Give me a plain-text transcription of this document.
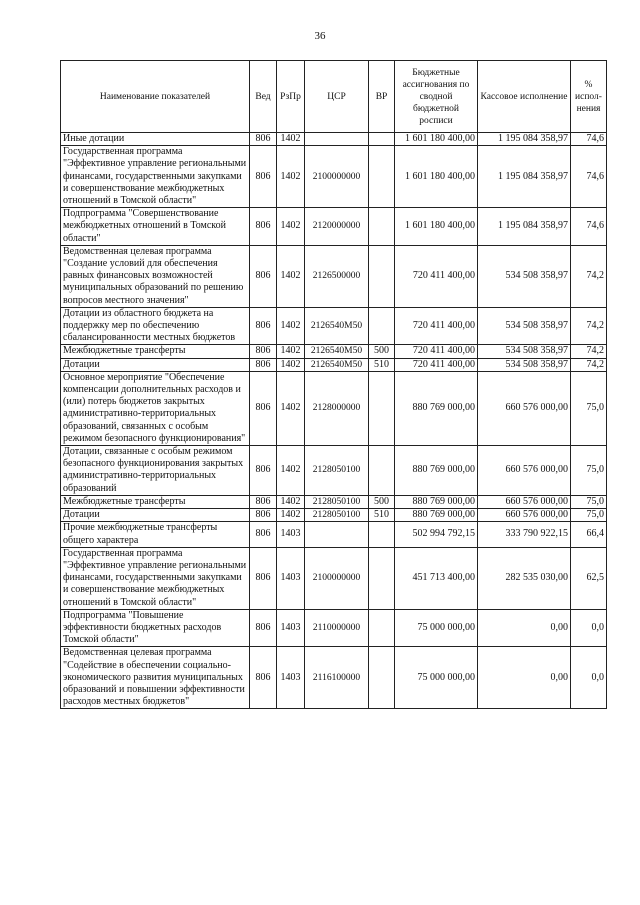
36
Наименование показателей	Вед	РзПр	ЦСР	ВР	Бюджетные ассигнования по сводной бюджетной росписи	Кассовое исполнение	% испол-нения
Иные дотации	806	1402			1 601 180 400,00	1 195 084 358,97	74,6
Государственная программа "Эффективное управление региональными финансами, государственными закупками и совершенствование межбюджетных отношений в Томской области"	806	1402	2100000000		1 601 180 400,00	1 195 084 358,97	74,6
Подпрограмма "Совершенствование межбюджетных отношений в Томской области"	806	1402	2120000000		1 601 180 400,00	1 195 084 358,97	74,6
Ведомственная целевая программа "Создание условий для обеспечения равных финансовых возможностей муниципальных образований по решению вопросов местного значения"	806	1402	2126500000		720 411 400,00	534 508 358,97	74,2
Дотации из областного бюджета на поддержку мер по обеспечению сбалансированности местных бюджетов	806	1402	2126540М50		720 411 400,00	534 508 358,97	74,2
Межбюджетные трансферты	806	1402	2126540М50	500	720 411 400,00	534 508 358,97	74,2
Дотации	806	1402	2126540М50	510	720 411 400,00	534 508 358,97	74,2
Основное мероприятие "Обеспечение компенсации дополнительных расходов и (или) потерь бюджетов закрытых административно-территориальных образований, связанных с особым режимом безопасного функционирования"	806	1402	2128000000		880 769 000,00	660 576 000,00	75,0
Дотации, связанные с особым режимом безопасного функционирования закрытых административно-территориальных образований	806	1402	2128050100		880 769 000,00	660 576 000,00	75,0
Межбюджетные трансферты	806	1402	2128050100	500	880 769 000,00	660 576 000,00	75,0
Дотации	806	1402	2128050100	510	880 769 000,00	660 576 000,00	75,0
Прочие межбюджетные трансферты общего характера	806	1403			502 994 792,15	333 790 922,15	66,4
Государственная программа "Эффективное управление региональными финансами, государственными закупками и совершенствование межбюджетных отношений в Томской области"	806	1403	2100000000		451 713 400,00	282 535 030,00	62,5
Подпрограмма "Повышение эффективности бюджетных расходов Томской области"	806	1403	2110000000		75 000 000,00	0,00	0,0
Ведомственная целевая программа "Содействие в обеспечении социально-экономического развития муниципальных образований и повышении эффективности расходов местных бюджетов"	806	1403	2116100000		75 000 000,00	0,00	0,0
